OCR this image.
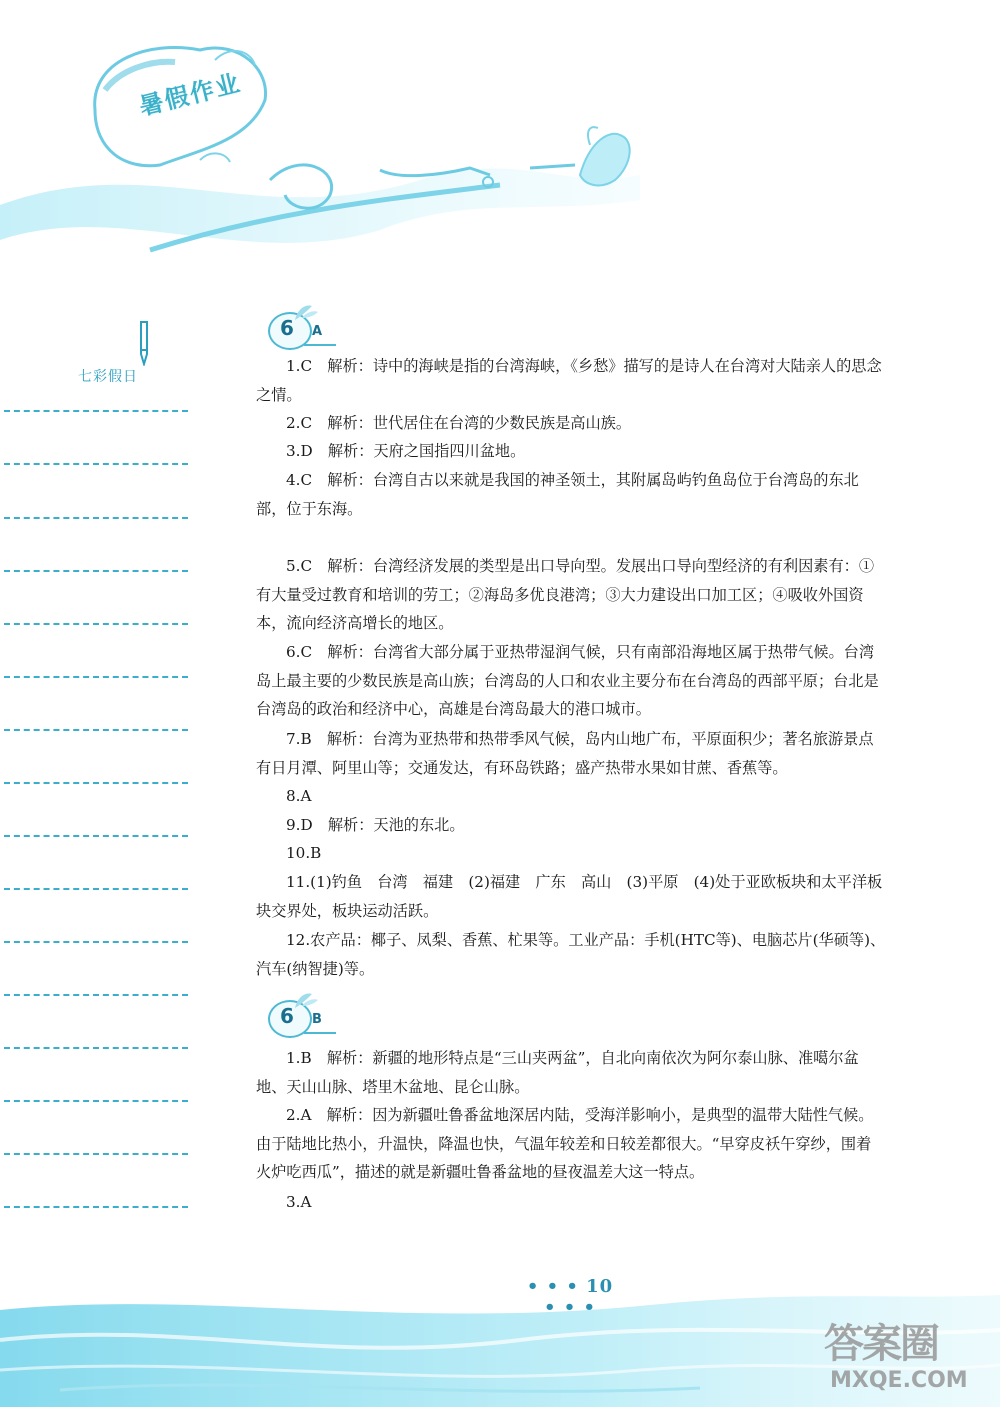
暑假作业
七彩假日
6 A

1.C　解析：诗中的海峡是指的台湾海峡，《乡愁》描写的是诗人在台湾对大陆亲人的思念之情。

2.C　解析：世代居住在台湾的少数民族是高山族。

3.D　解析：天府之国指四川盆地。

4.C　解析：台湾自古以来就是我国的神圣领土，其附属岛屿钓鱼岛位于台湾岛的东北部，位于东海。

5.C　解析：台湾经济发展的类型是出口导向型。发展出口导向型经济的有利因素有：①有大量受过教育和培训的劳工；②海岛多优良港湾；③大力建设出口加工区；④吸收外国资本，流向经济高增长的地区。

6.C　解析：台湾省大部分属于亚热带湿润气候，只有南部沿海地区属于热带气候。台湾岛上最主要的少数民族是高山族；台湾岛的人口和农业主要分布在台湾岛的西部平原；台北是台湾岛的政治和经济中心，高雄是台湾岛最大的港口城市。

7.B　解析：台湾为亚热带和热带季风气候，岛内山地广布，平原面积少；著名旅游景点有日月潭、阿里山等；交通发达，有环岛铁路；盛产热带水果如甘蔗、香蕉等。

8.A

9.D　解析：天池的东北。

10.B

11.(1)钓鱼　台湾　福建　(2)福建　广东　高山　(3)平原　(4)处于亚欧板块和太平洋板块交界处，板块运动活跃。

12.农产品：椰子、凤梨、香蕉、杧果等。工业产品：手机(HTC等)、电脑芯片(华硕等)、汽车(纳智捷)等。

6 B

1.B　解析：新疆的地形特点是“三山夹两盆”，自北向南依次为阿尔泰山脉、准噶尔盆地、天山山脉、塔里木盆地、昆仑山脉。

2.A　解析：因为新疆吐鲁番盆地深居内陆，受海洋影响小，是典型的温带大陆性气候。由于陆地比热小，升温快，降温也快，气温年较差和日较差都很大。“早穿皮袄午穿纱，围着火炉吃西瓜”，描述的就是新疆吐鲁番盆地的昼夜温差大这一特点。

3.A

• • • 10 • • •
答案圈
MXQE.COM
